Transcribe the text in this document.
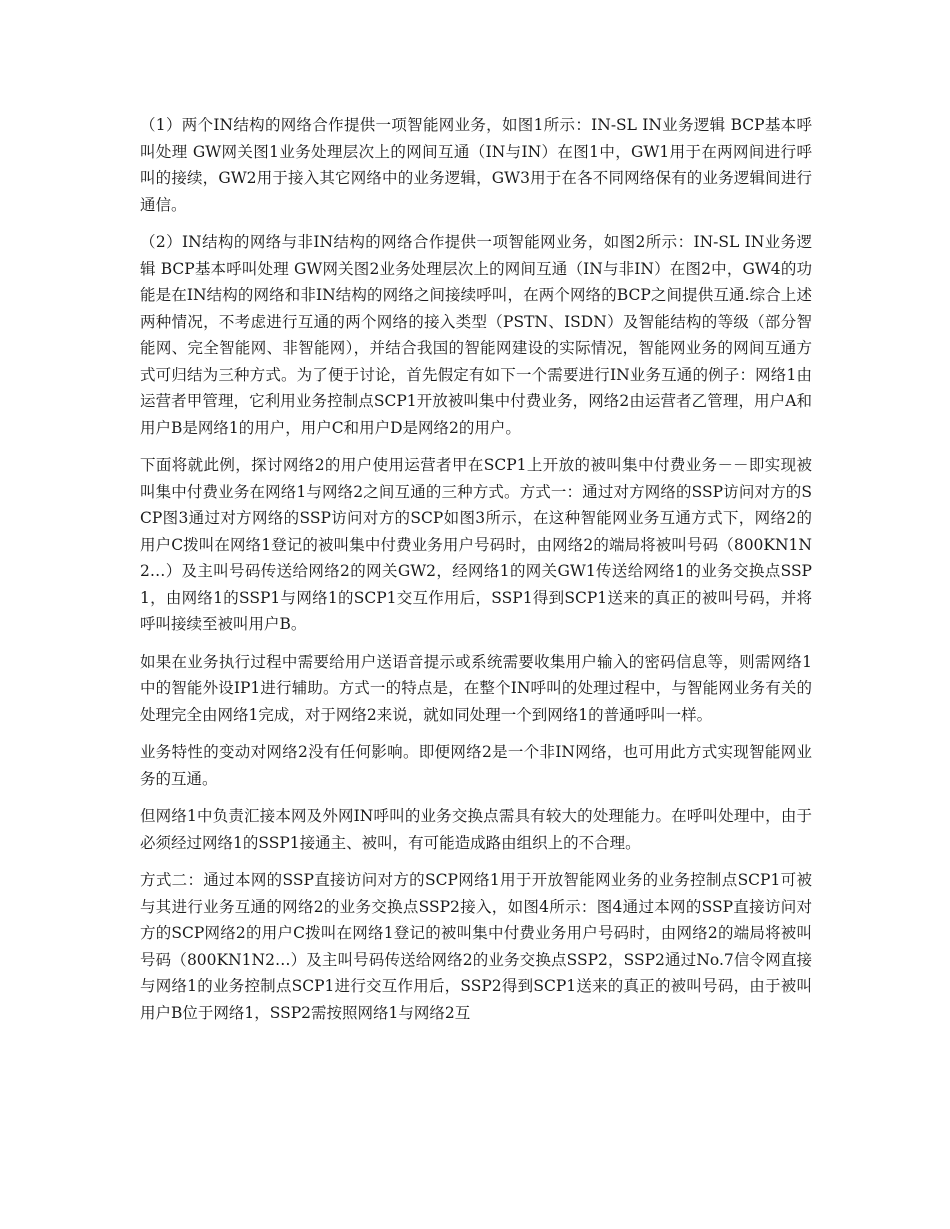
（1）两个IN结构的网络合作提供一项智能网业务，如图1所示：IN-SL IN业务逻辑 BCP基本呼叫处理 GW网关图1业务处理层次上的网间互通（IN与IN）在图1中，GW1用于在两网间进行呼叫的接续，GW2用于接入其它网络中的业务逻辑，GW3用于在各不同网络保有的业务逻辑间进行通信。

（2）IN结构的网络与非IN结构的网络合作提供一项智能网业务，如图2所示：IN-SL IN业务逻辑 BCP基本呼叫处理 GW网关图2业务处理层次上的网间互通（IN与非IN）在图2中，GW4的功能是在IN结构的网络和非IN结构的网络之间接续呼叫，在两个网络的BCP之间提供互通.综合上述两种情况，不考虑进行互通的两个网络的接入类型（PSTN、ISDN）及智能结构的等级（部分智能网、完全智能网、非智能网），并结合我国的智能网建设的实际情况，智能网业务的网间互通方式可归结为三种方式。为了便于讨论，首先假定有如下一个需要进行IN业务互通的例子：网络1由运营者甲管理，它利用业务控制点SCP1开放被叫集中付费业务，网络2由运营者乙管理，用户A和用户B是网络1的用户，用户C和用户D是网络2的用户。

下面将就此例，探讨网络2的用户使用运营者甲在SCP1上开放的被叫集中付费业务－－即实现被叫集中付费业务在网络1与网络2之间互通的三种方式。方式一：通过对方网络的SSP访问对方的SCP图3通过对方网络的SSP访问对方的SCP如图3所示，在这种智能网业务互通方式下，网络2的用户C拨叫在网络1登记的被叫集中付费业务用户号码时，由网络2的端局将被叫号码（800KN1N2…）及主叫号码传送给网络2的网关GW2，经网络1的网关GW1传送给网络1的业务交换点SSP1，由网络1的SSP1与网络1的SCP1交互作用后，SSP1得到SCP1送来的真正的被叫号码，并将呼叫接续至被叫用户B。

如果在业务执行过程中需要给用户送语音提示或系统需要收集用户输入的密码信息等，则需网络1中的智能外设IP1进行辅助。方式一的特点是，在整个IN呼叫的处理过程中，与智能网业务有关的处理完全由网络1完成，对于网络2来说，就如同处理一个到网络1的普通呼叫一样。

业务特性的变动对网络2没有任何影响。即便网络2是一个非IN网络，也可用此方式实现智能网业务的互通。

但网络1中负责汇接本网及外网IN呼叫的业务交换点需具有较大的处理能力。在呼叫处理中，由于必须经过网络1的SSP1接通主、被叫，有可能造成路由组织上的不合理。

方式二：通过本网的SSP直接访问对方的SCP网络1用于开放智能网业务的业务控制点SCP1可被与其进行业务互通的网络2的业务交换点SSP2接入，如图4所示：图4通过本网的SSP直接访问对方的SCP网络2的用户C拨叫在网络1登记的被叫集中付费业务用户号码时，由网络2的端局将被叫号码（800KN1N2…）及主叫号码传送给网络2的业务交换点SSP2，SSP2通过No.7信令网直接与网络1的业务控制点SCP1进行交互作用后，SSP2得到SCP1送来的真正的被叫号码，由于被叫用户B位于网络1，SSP2需按照网络1与网络2互
